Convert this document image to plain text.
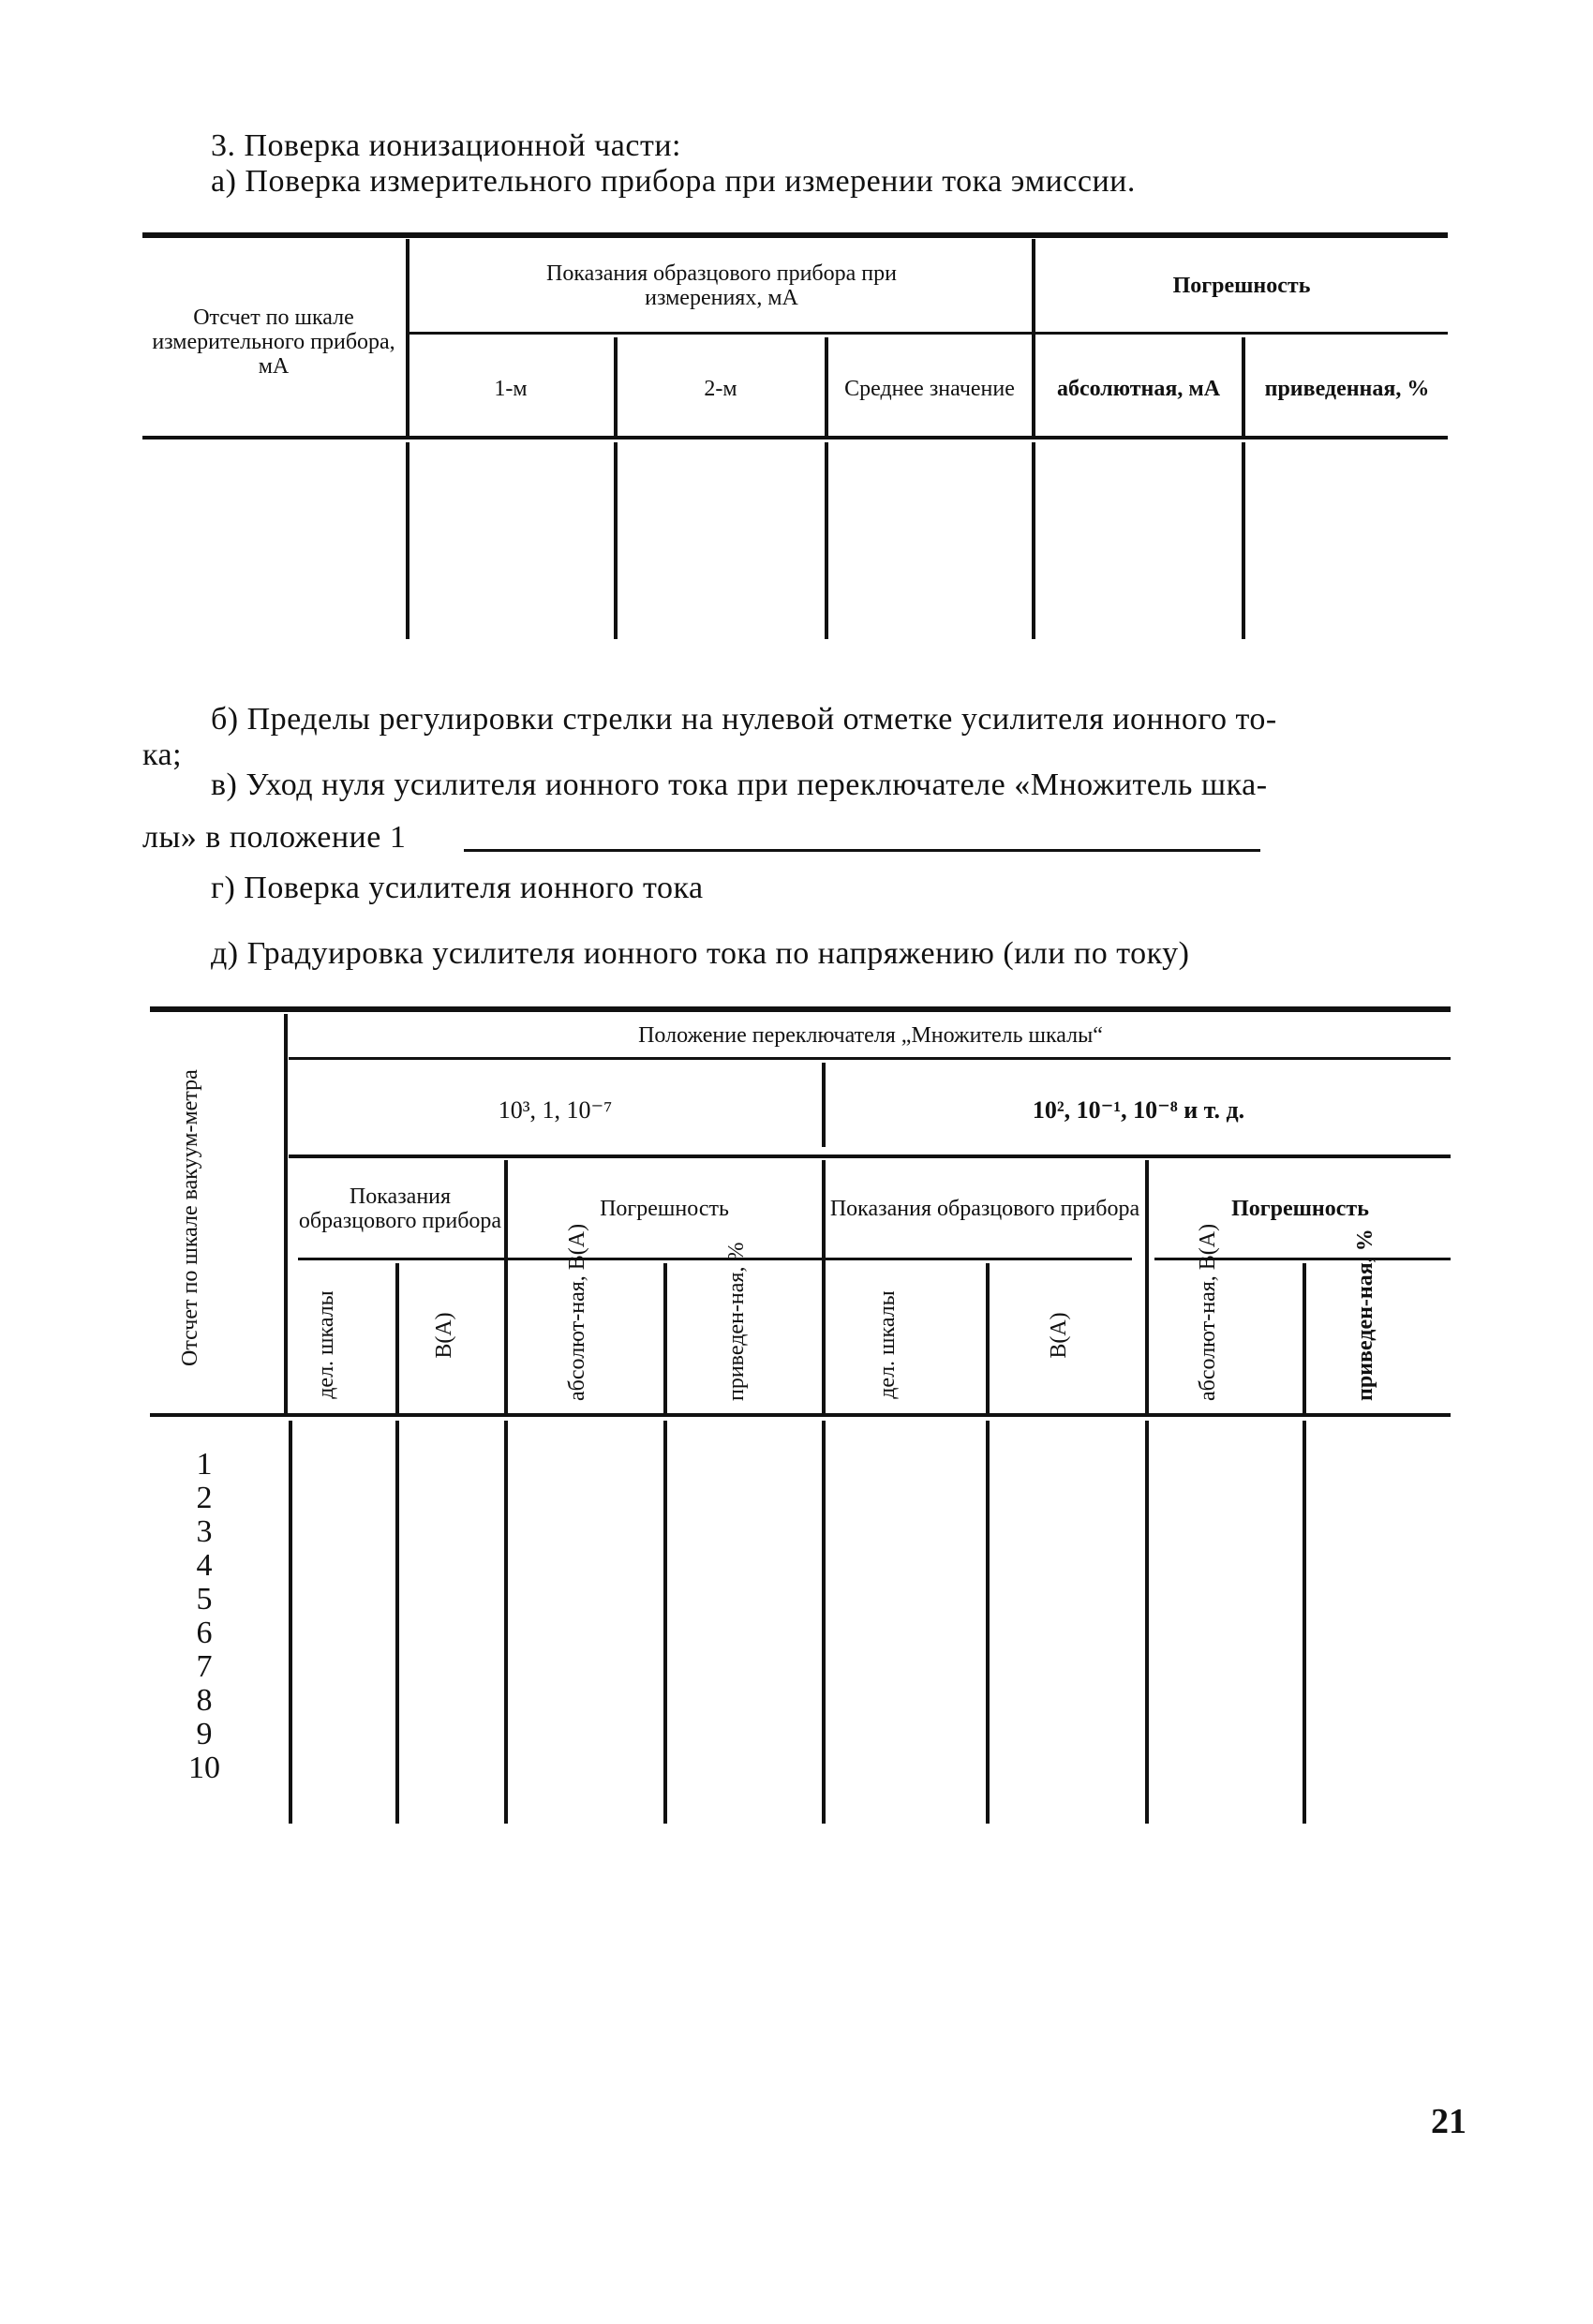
3. Поверка ионизационной части:
а) Поверка измерительного прибора при измерении тока эмиссии.
Отсчет по шкале измерительного прибора, мА
Показания образцового прибора при измерениях, мА	Погрешность
1-м	2-м	Среднее значение	абсолютная, мА	приведенная, %
б) Пределы регулировки стрелки на нулевой отметке усилителя ионного то-
ка;
в) Уход нуля усилителя ионного тока при переключателе «Множитель шка-
лы» в положение 1
г) Поверка усилителя ионного тока
д) Градуировка усилителя ионного тока по напряжению (или по току)
Положение переключателя „Множитель шкалы“
10³, 1, 10⁻⁷	10², 10⁻¹, 10⁻⁸ и т. д.
Показания образцового прибора	Погрешность	Показания образцового прибора	Погрешность
Отсчет по шкале вакуум-метра	дел. шкалы	В(А)	абсолют-ная, В(А)	приведен-ная, %	дел. шкалы	В(А)	абсолют-ная, В(А)	приведен-ная, %
1
2
3
4
5
6
7
8
9
10
21
